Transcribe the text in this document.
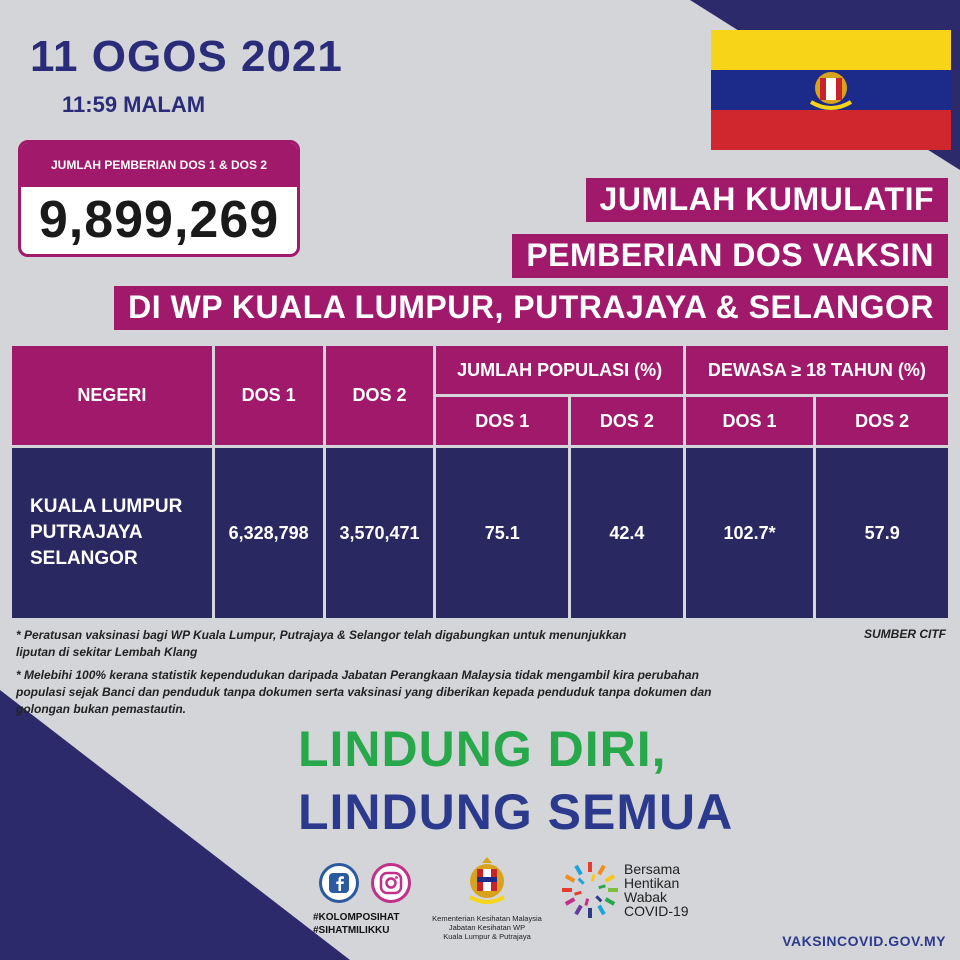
11 OGOS 2021
11:59 MALAM
JUMLAH PEMBERIAN DOS 1 & DOS 2
9,899,269	JUMLAH KUMULATIF
PEMBERIAN DOS VAKSIN
DI WP KUALA LUMPUR, PUTRAJAYA & SELANGOR
NEGERI	DOS 1	DOS 2	JUMLAH POPULASI (%)		DEWASA ≥ 18 TAHUN (%)	
			DOS 1	DOS 2	DOS 1	DOS 2

KUALA LUMPUR
PUTRAJAYA
SELANGOR	6,328,798	3,570,471	75.1	42.4	102.7*	57.9

* Peratusan vaksinasi bagi WP Kuala Lumpur, Putrajaya & Selangor telah digabungkan untuk menunjukkan liputan di sekitar Lembah Klang

* Melebihi 100% kerana statistik kependudukan daripada Jabatan Perangkaan Malaysia tidak mengambil kira perubahan populasi sejak Banci dan penduduk tanpa dokumen serta vaksinasi yang diberikan kepada penduduk tanpa dokumen dan golongan bukan pemastautin.

SUMBER CITF
LINDUNG DIRI,
LINDUNG SEMUA
#KOLOMPOSIHAT
#SIHATMILIKKU
Kementerian Kesihatan Malaysia
Jabatan Kesihatan WP
Kuala Lumpur & Putrajaya
Bersama
Hentikan
Wabak
COVID-19
VAKSINCOVID.GOV.MY
